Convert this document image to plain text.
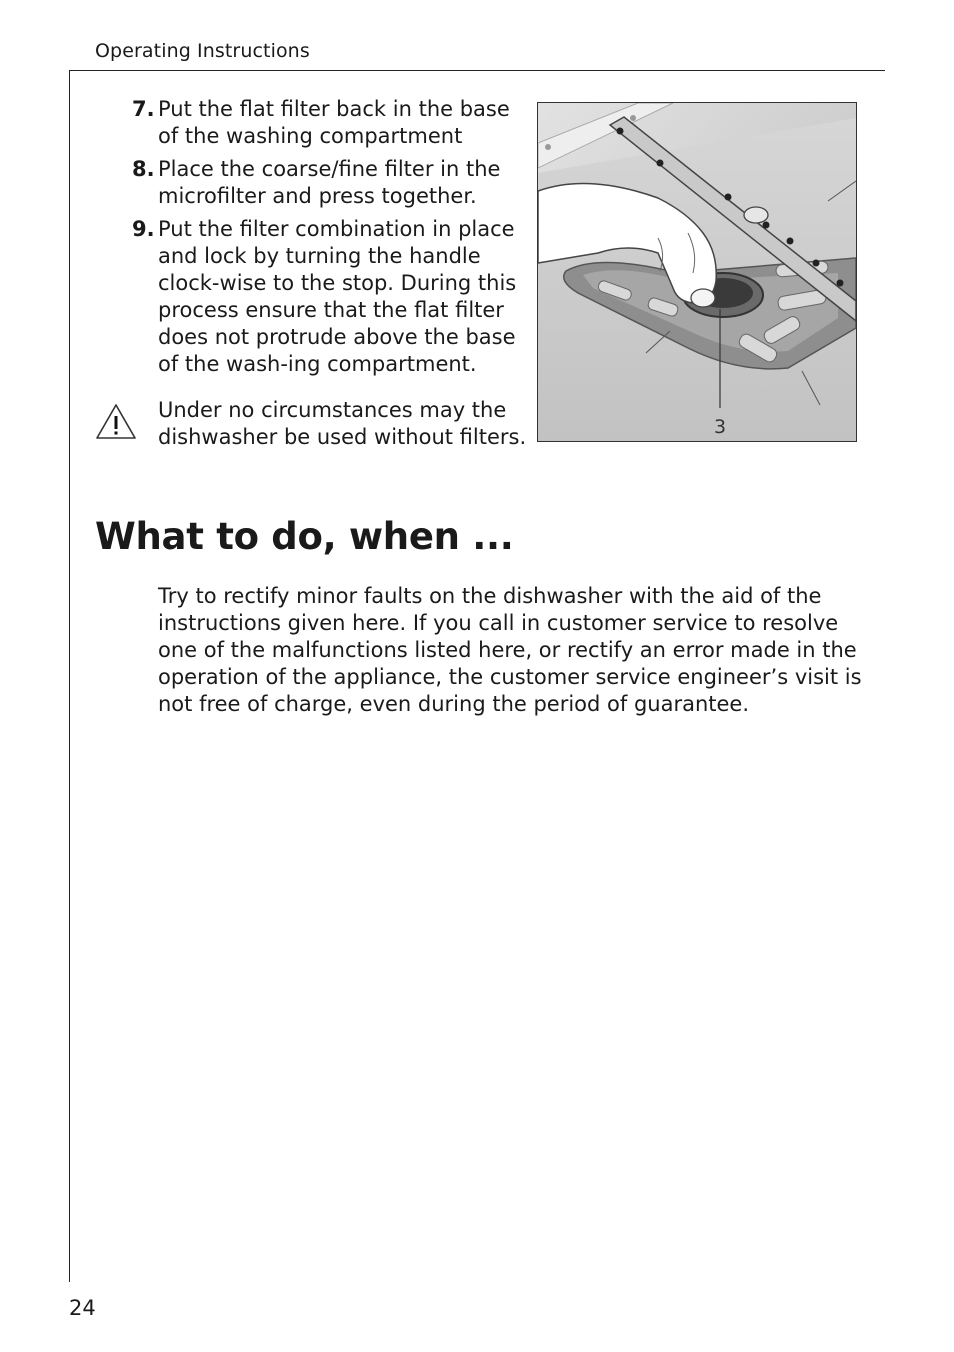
Operating Instructions
7. Put the flat filter back in the base of the washing compartment
8. Place the coarse/fine filter in the microfilter and press together.
9. Put the filter combination in place and lock by turning the handle clock-wise to the stop. During this process ensure that the flat filter does not protrude above the base of the wash-ing compartment.
Under no circumstances may the dishwasher be used without filters.	3
What to do, when ...

Try to rectify minor faults on the dishwasher with the aid of the instructions given here. If you call in customer service to resolve one of the malfunctions listed here, or rectify an error made in the operation of the appliance, the customer service engineer’s visit is not free of charge, even during the period of guarantee.

24
